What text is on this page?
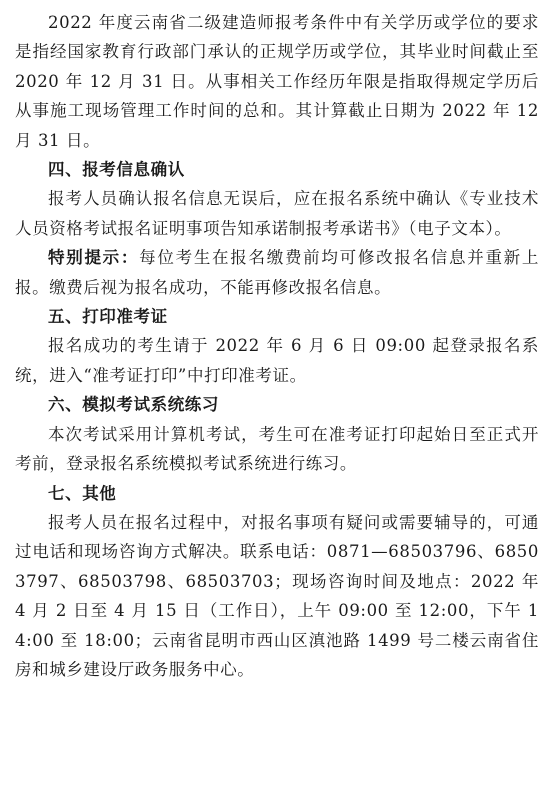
2022 年度云南省二级建造师报考条件中有关学历或学位的要求是指经国家教育行政部门承认的正规学历或学位，其毕业时间截止至 2020 年 12 月 31 日。从事相关工作经历年限是指取得规定学历后从事施工现场管理工作时间的总和。其计算截止日期为 2022 年 12 月 31 日。

四、报考信息确认

报考人员确认报名信息无误后，应在报名系统中确认《专业技术人员资格考试报名证明事项告知承诺制报考承诺书》（电子文本）。

特别提示：每位考生在报名缴费前均可修改报名信息并重新上报。缴费后视为报名成功，不能再修改报名信息。

五、打印准考证

报名成功的考生请于 2022 年 6 月 6 日 09:00 起登录报名系统，进入“准考证打印”中打印准考证。

六、模拟考试系统练习

本次考试采用计算机考试，考生可在准考证打印起始日至正式开考前，登录报名系统模拟考试系统进行练习。

七、其他

报考人员在报名过程中，对报名事项有疑问或需要辅导的，可通过电话和现场咨询方式解决。联系电话：0871—68503796、68503797、68503798、68503703；现场咨询时间及地点：2022 年 4 月 2 日至 4 月 15 日（工作日），上午 09:00 至 12:00，下午 14:00 至 18:00；云南省昆明市西山区滇池路 1499 号二楼云南省住房和城乡建设厅政务服务中心。
